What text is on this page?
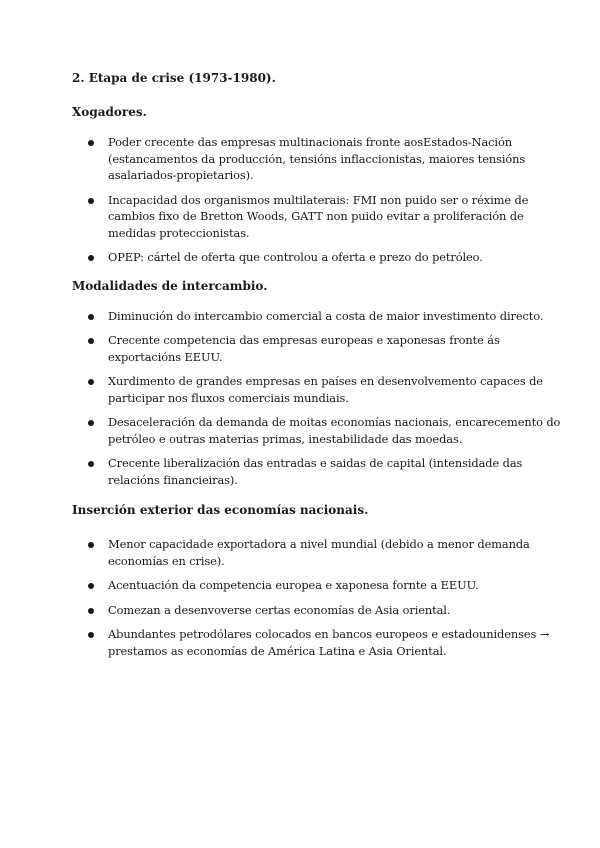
2. Etapa de crise (1973-1980).
Xogadores.
Poder crecente das empresas multinacionais fronte aosEstados-Nación (estancamentos da producción, tensións inflaccionistas, maiores tensións asalariados-propietarios).
Incapacidad dos organismos multilaterais: FMI non puido ser o réxime de cambios fixo de Bretton Woods, GATT non puido evitar a proliferación de medidas proteccionistas.
OPEP: cártel de oferta que controlou a oferta e prezo do petróleo.
Modalidades de intercambio.
Diminución do intercambio comercial a costa de maior investimento directo.
Crecente competencia das empresas europeas e xaponesas fronte ás exportacións EEUU.
Xurdimento de grandes empresas en países en desenvolvemento capaces de participar nos fluxos comerciais mundiais.
Desaceleración da demanda de moitas economías nacionais, encarecemento do petróleo e outras materias primas, inestabilidade das moedas.
Crecente liberalización das entradas e saidas de capital (intensidade das relacións financieiras).
Inserción exterior das economías nacionais.
Menor capacidade exportadora a nivel mundial (debido a menor demanda economías en crise).
Acentuación da competencia europea e xaponesa fornte a EEUU.
Comezan a desenvoverse certas economías de Asia oriental.
Abundantes petrodólares colocados en bancos europeos e estadounidenses → prestamos as economías de América Latina e Asia Oriental.
